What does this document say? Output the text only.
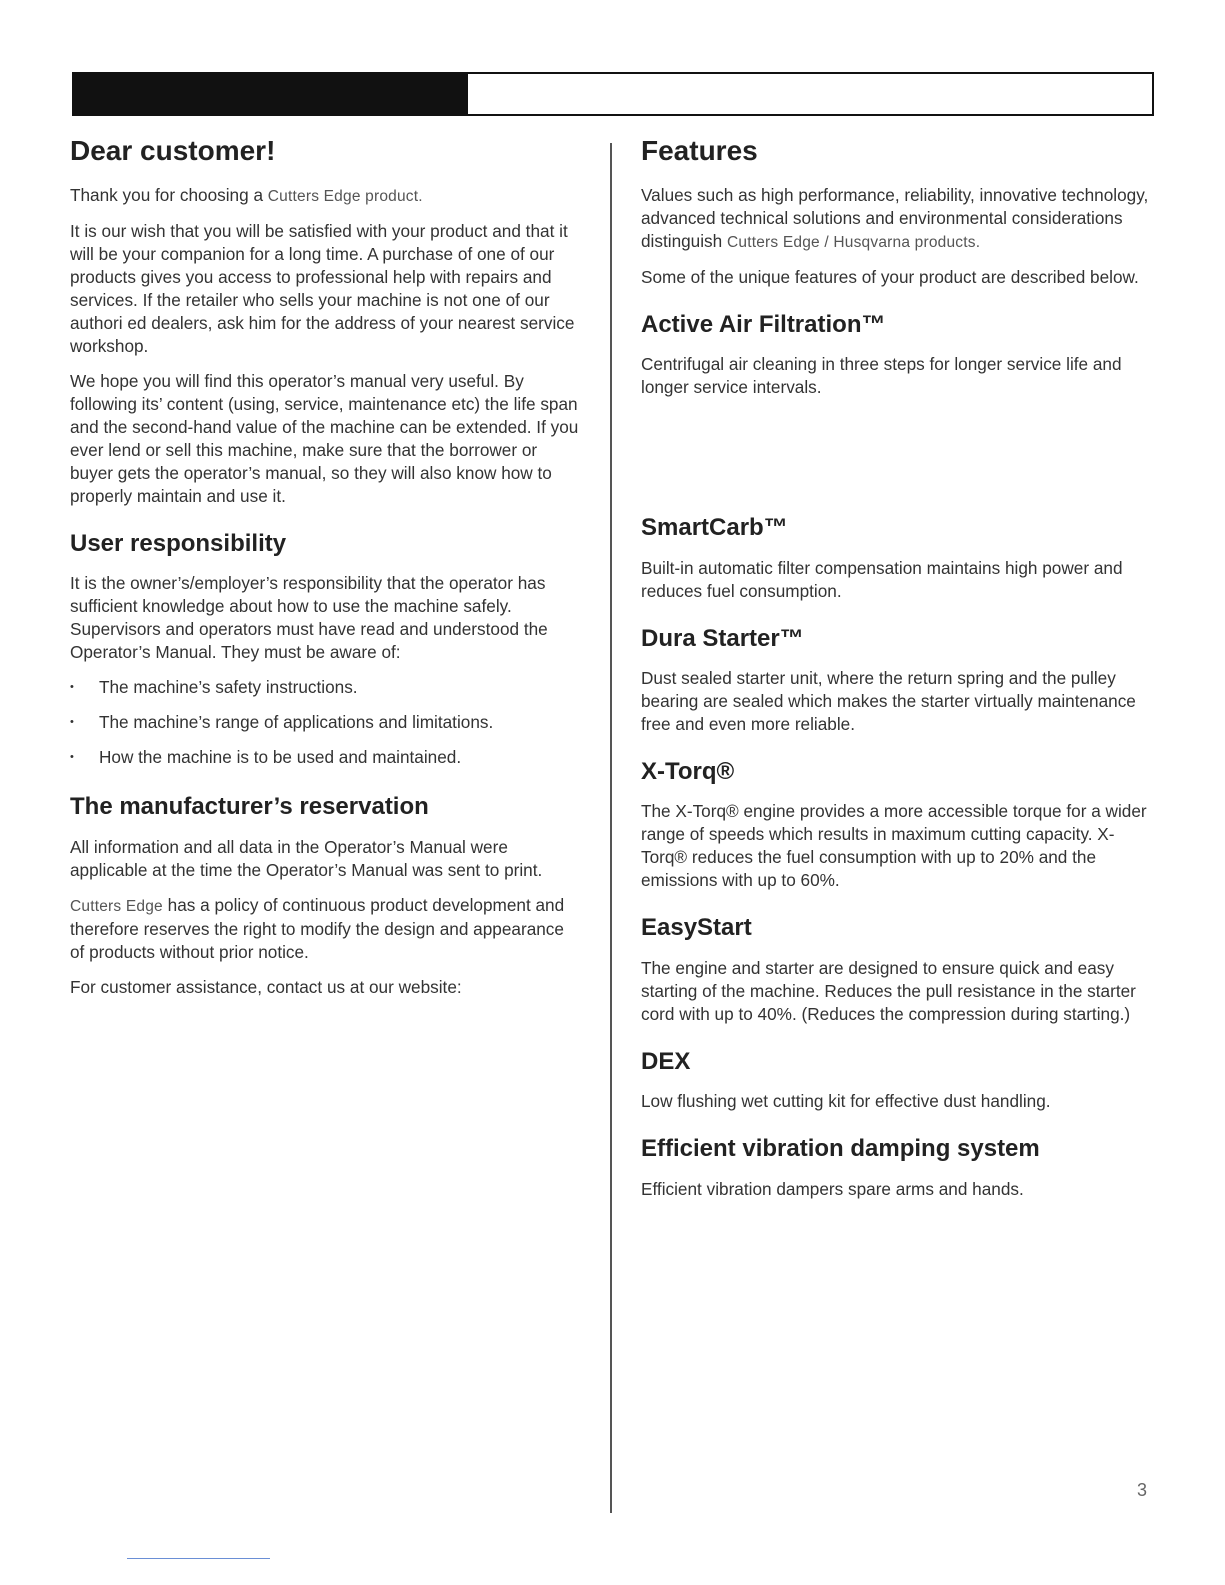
Dear customer!

Thank you for choosing a Cutters Edge product.

It is our wish that you will be satisfied with your product and that it will be your companion for a long time. A purchase of one of our products gives you access to professional help with repairs and services. If the retailer who sells your machine is not one of our authori ed dealers, ask him for the address of your nearest service workshop.

We hope you will find this operator’s manual very useful. By following its’ content (using, service, maintenance etc) the life span and the second-hand value of the machine can be extended. If you ever lend or sell this machine, make sure that the borrower or buyer gets the operator’s manual, so they will also know how to properly maintain and use it.

User responsibility

It is the owner’s/employer’s responsibility that the operator has sufficient knowledge about how to use the machine safely. Supervisors and operators must have read and understood the Operator’s Manual. They must be aware of:

• The machine’s safety instructions.
• The machine’s range of applications and limitations.
• How the machine is to be used and maintained.
The manufacturer’s reservation

All information and all data in the Operator’s Manual were applicable at the time the Operator’s Manual was sent to print.

Cutters Edge has a policy of continuous product development and therefore reserves the right to modify the design and appearance of products without prior notice.

For customer assistance, contact us at our website:

Features

Values such as high performance, reliability, innovative technology, advanced technical solutions and environmental considerations distinguish Cutters Edge / Husqvarna products.

Some of the unique features of your product are described below.

Active Air Filtration™

Centrifugal air cleaning in three steps for longer service life and longer service intervals.

SmartCarb™

Built-in automatic filter compensation maintains high power and reduces fuel consumption.

Dura Starter™

Dust sealed starter unit, where the return spring and the pulley bearing are sealed which makes the starter virtually maintenance free and even more reliable.

X-Torq®

The X-Torq® engine provides a more accessible torque for a wider range of speeds which results in maximum cutting capacity. X-Torq® reduces the fuel consumption with up to 20% and the emissions with up to 60%.

EasyStart

The engine and starter are designed to ensure quick and easy starting of the machine. Reduces the pull resistance in the starter cord with up to 40%. (Reduces the compression during starting.)

DEX

Low flushing wet cutting kit for effective dust handling.

Efficient vibration damping system

Efficient vibration dampers spare arms and hands.

3
